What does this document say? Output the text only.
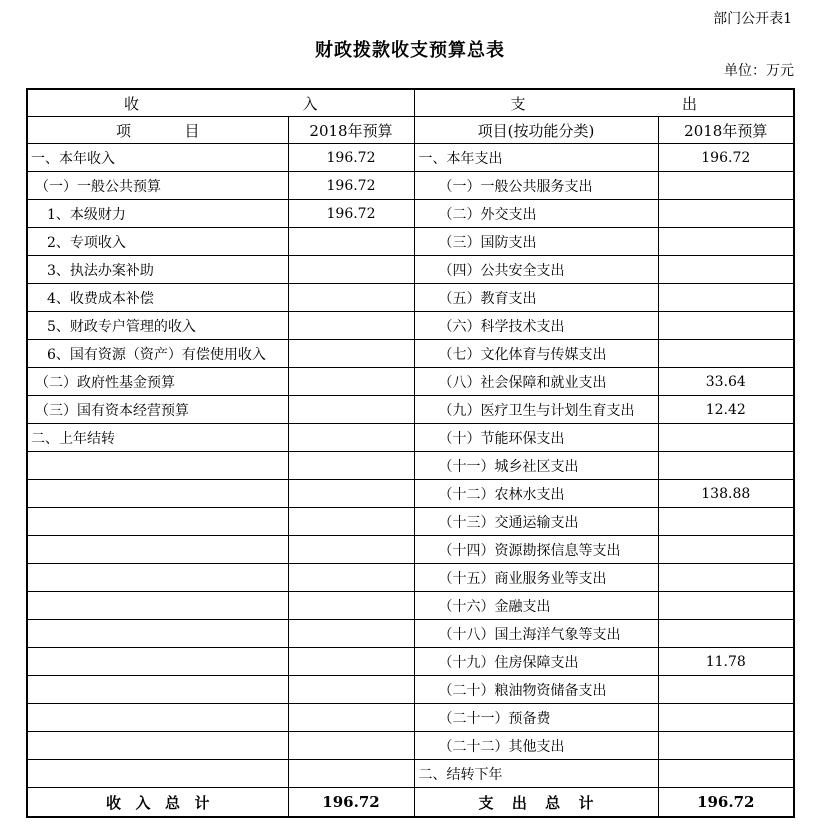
部门公开表1
财政拨款收支预算总表
单位：万元
收入		支出	
项目	2018年预算	项目(按功能分类)	2018年预算
一、本年收入	196.72	一、本年支出	196.72
（一）一般公共预算	196.72	（一）一般公共服务支出	
1、本级财力	196.72	（二）外交支出	
2、专项收入		（三）国防支出	
3、执法办案补助		（四）公共安全支出	
4、收费成本补偿		（五）教育支出	
5、财政专户管理的收入		（六）科学技术支出	
6、国有资源（资产）有偿使用收入		（七）文化体育与传媒支出	
（二）政府性基金预算		（八）社会保障和就业支出	33.64
（三）国有资本经营预算		（九）医疗卫生与计划生育支出	12.42
二、上年结转		（十）节能环保支出	
		（十一）城乡社区支出	
		（十二）农林水支出	138.88
		（十三）交通运输支出	
		（十四）资源勘探信息等支出	
		（十五）商业服务业等支出	
		（十六）金融支出	
		（十八）国土海洋气象等支出	
		（十九）住房保障支出	11.78
		（二十）粮油物资储备支出	
		（二十一）预备费	
		（二十二）其他支出	
		二、结转下年	
收入总计	196.72	支出总计	196.72
